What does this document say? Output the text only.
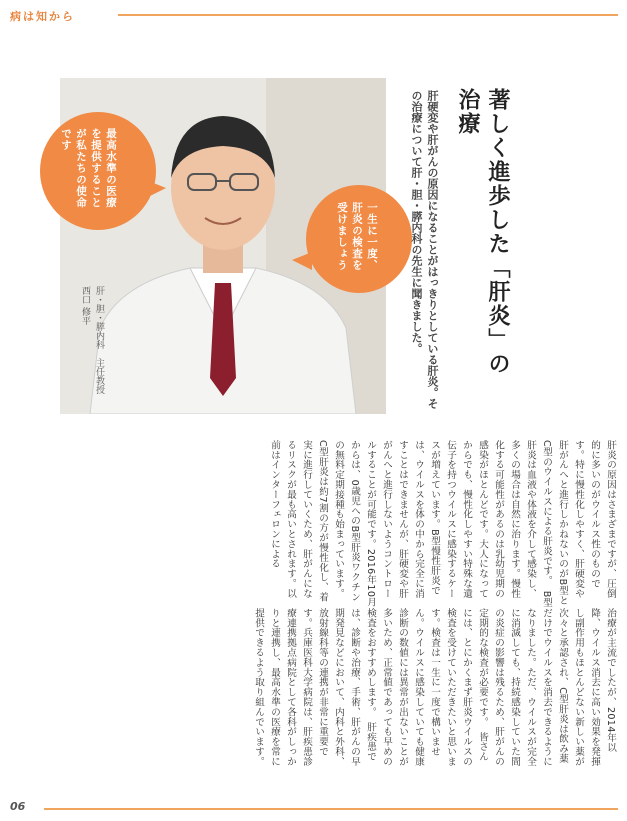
病は知から
肝・胆・膵内科　主任教授
西口 修平
最高水準の医療を提供することが私たちの使命です
一生に一度、肝炎の検査を受けましょう	著しく進歩した「肝炎」の治療
肝硬変や肝がんの原因になることがはっきりとしている肝炎。その治療について肝・胆・膵内科の先生に聞きました。
肝炎の原因はさまざまですが、圧倒的に多いのがウイルス性のものです。特に慢性化しやすく、肝硬変や肝がんへと進行しかねないのがB型とC型のウイルスによる肝炎です。　B型肝炎は血液や体液を介して感染し、多くの場合は自然に治ります。慢性化する可能性があるのは乳幼児期の感染がほとんどです。大人になってからでも、慢性化しやすい特殊な遺伝子を持つウイルスに感染するケースが増えています。B型慢性肝炎では、ウイルスを体の中から完全に消すことはできませんが、肝硬変や肝がんへと進行しないようコントロールすることが可能です。2016年10月からは、0歳児へのB型肝炎ワクチンの無料定期接種も始まっています。　C型肝炎は約7割の方が慢性化し、着実に進行していくため、肝がんになるリスクが最も高いとされます。以前はインターフェロンによる
治療が主流でしたが、2014年以降、ウイルス消去に高い効果を発揮し副作用もほとんどない新しい薬が次々と承認され、C型肝炎は飲み薬だけでウイルスを消去できるようになりました。ただ、ウイルスが完全に消滅しても、持続感染していた間の炎症の影響は残るため、肝がんの定期的な検査が必要です。　皆さんには、とにかくまず肝炎ウイルスの検査を受けていただきたいと思います。検査は一生に一度で構いません。ウイルスに感染していても健康診断の数値には異常が出ないことが多いため、正常値であっても早めの検査をおすすめします。　肝疾患では、診断や治療、手術、肝がんの早期発見などにおいて、内科と外科、放射線科等の連携が非常に重要です。兵庫医科大学病院は、肝疾患診療連携拠点病院として各科がしっかりと連携し、最高水準の医療を常に提供できるよう取り組んでいます。
06
